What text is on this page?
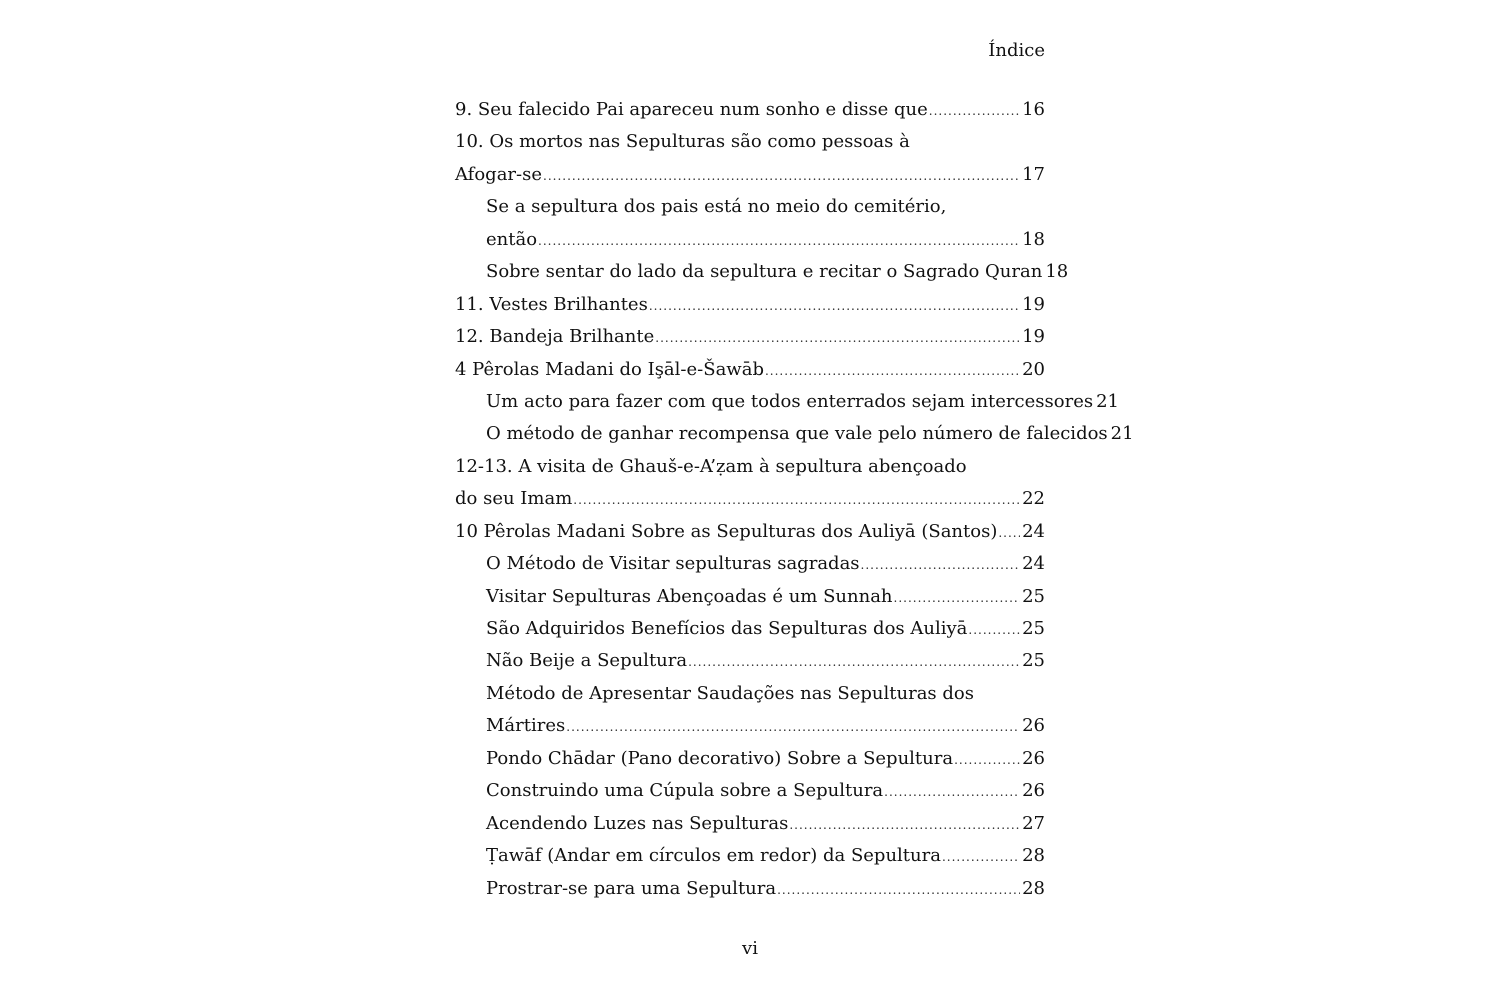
Índice
9. Seu falecido Pai apareceu num sonho e disse que .....	16
10. Os mortos nas Sepulturas são como pessoas à
Afogar-se .....	17
Se a sepultura dos pais está no meio do cemitério,
então .....	18
Sobre sentar do lado da sepultura e recitar o Sagrado Quran 18
11. Vestes Brilhantes .....	19
12. Bandeja Brilhante .....	19
4 Pêrolas Madani do Işāl-e-Šawāb .....	20
Um acto para fazer com que todos enterrados sejam intercessores 21
O método de ganhar recompensa que vale pelo número de falecidos 21
12-13. A visita de Ghauš-e-A’ẓam à sepultura abençoado
do seu Imam .....	22
10 Pêrolas Madani Sobre as Sepulturas dos Auliyā (Santos) ..... 24
O Método de Visitar sepulturas sagradas .....	24
Visitar Sepulturas Abençoadas é um Sunnah .....	25
São Adquiridos Benefícios das Sepulturas dos Auliyā .....	25
Não Beije a Sepultura .....	25
Método de Apresentar Saudações nas Sepulturas dos
Mártires .....	26
Pondo Chādar (Pano decorativo) Sobre a Sepultura .....	26
Construindo uma Cúpula sobre a Sepultura .....	26
Acendendo Luzes nas Sepulturas .....	27
Ṭawāf (Andar em círculos em redor) da Sepultura .....	28
Prostrar-se para uma Sepultura .....	28
vi
